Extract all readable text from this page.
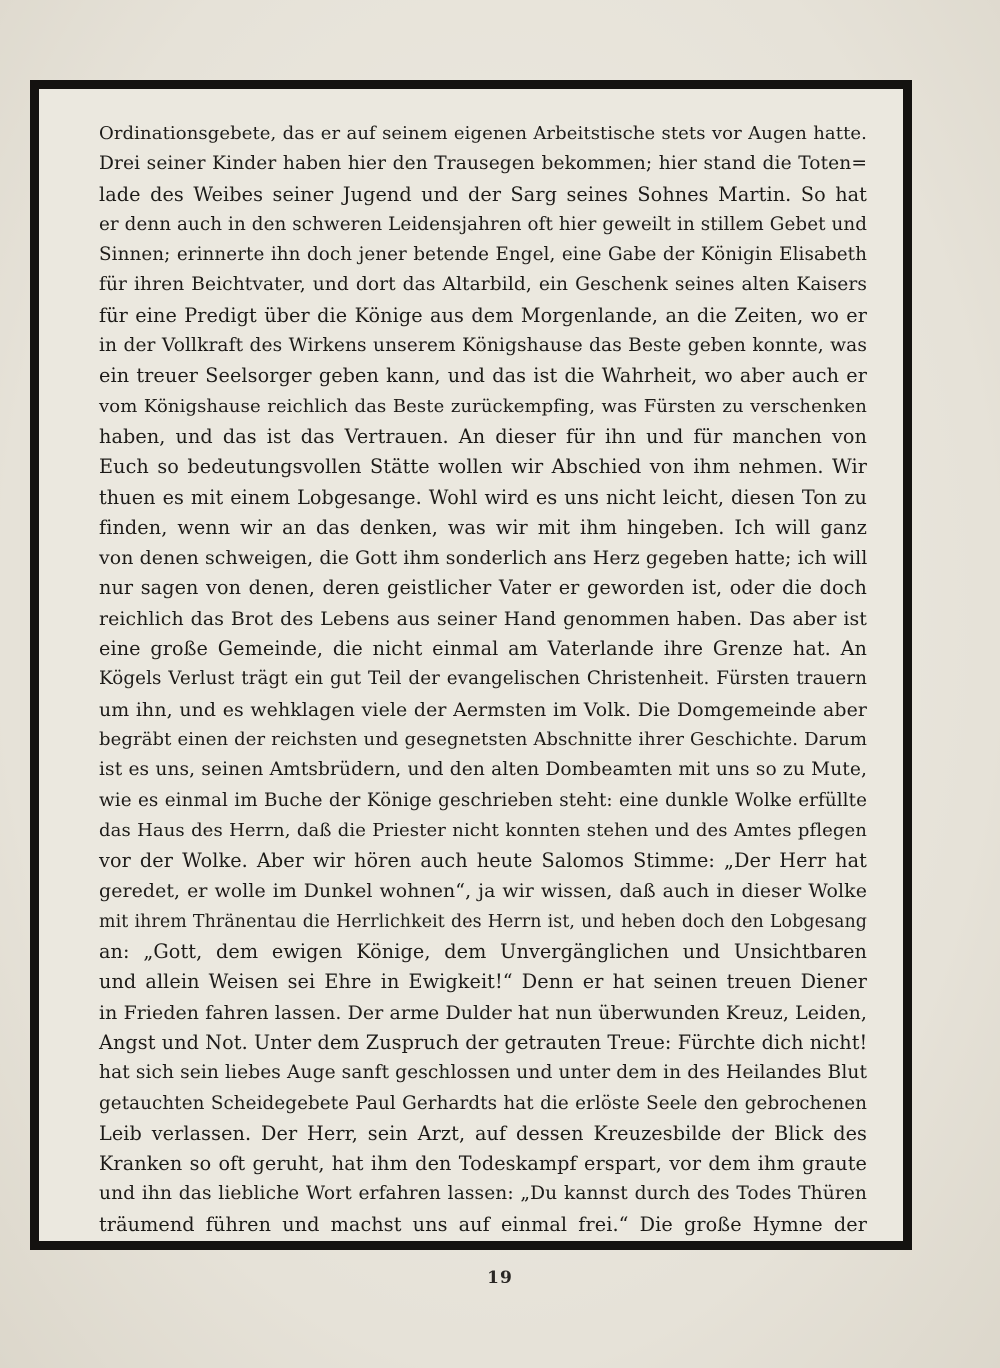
Ordinationsgebete, das er auf seinem eigenen Arbeitstische stets vor Augen hatte.
Drei seiner Kinder haben hier den Trausegen bekommen; hier stand die Toten=
lade des Weibes seiner Jugend und der Sarg seines Sohnes Martin. So hat
er denn auch in den schweren Leidensjahren oft hier geweilt in stillem Gebet und
Sinnen; erinnerte ihn doch jener betende Engel, eine Gabe der Königin Elisabeth
für ihren Beichtvater, und dort das Altarbild, ein Geschenk seines alten Kaisers
für eine Predigt über die Könige aus dem Morgenlande, an die Zeiten, wo er
in der Vollkraft des Wirkens unserem Königshause das Beste geben konnte, was
ein treuer Seelsorger geben kann, und das ist die Wahrheit, wo aber auch er
vom Königshause reichlich das Beste zurückempfing, was Fürsten zu verschenken
haben, und das ist das Vertrauen. An dieser für ihn und für manchen von
Euch so bedeutungsvollen Stätte wollen wir Abschied von ihm nehmen. Wir
thuen es mit einem Lobgesange. Wohl wird es uns nicht leicht, diesen Ton zu
finden, wenn wir an das denken, was wir mit ihm hingeben. Ich will ganz
von denen schweigen, die Gott ihm sonderlich ans Herz gegeben hatte; ich will
nur sagen von denen, deren geistlicher Vater er geworden ist, oder die doch
reichlich das Brot des Lebens aus seiner Hand genommen haben. Das aber ist
eine große Gemeinde, die nicht einmal am Vaterlande ihre Grenze hat. An
Kögels Verlust trägt ein gut Teil der evangelischen Christenheit. Fürsten trauern
um ihn, und es wehklagen viele der Aermsten im Volk. Die Domgemeinde aber
begräbt einen der reichsten und gesegnetsten Abschnitte ihrer Geschichte. Darum
ist es uns, seinen Amtsbrüdern, und den alten Dombeamten mit uns so zu Mute,
wie es einmal im Buche der Könige geschrieben steht: eine dunkle Wolke erfüllte
das Haus des Herrn, daß die Priester nicht konnten stehen und des Amtes pflegen
vor der Wolke. Aber wir hören auch heute Salomos Stimme: „Der Herr hat
geredet, er wolle im Dunkel wohnen“, ja wir wissen, daß auch in dieser Wolke
mit ihrem Thränentau die Herrlichkeit des Herrn ist, und heben doch den Lobgesang
an: „Gott, dem ewigen Könige, dem Unvergänglichen und Unsichtbaren
und allein Weisen sei Ehre in Ewigkeit!“ Denn er hat seinen treuen Diener
in Frieden fahren lassen. Der arme Dulder hat nun überwunden Kreuz, Leiden,
Angst und Not. Unter dem Zuspruch der getrauten Treue: Fürchte dich nicht!
hat sich sein liebes Auge sanft geschlossen und unter dem in des Heilandes Blut
getauchten Scheidegebete Paul Gerhardts hat die erlöste Seele den gebrochenen
Leib verlassen. Der Herr, sein Arzt, auf dessen Kreuzesbilde der Blick des
Kranken so oft geruht, hat ihm den Todeskampf erspart, vor dem ihm graute
und ihn das liebliche Wort erfahren lassen: „Du kannst durch des Todes Thüren
träumend führen und machst uns auf einmal frei.“ Die große Hymne der
19
